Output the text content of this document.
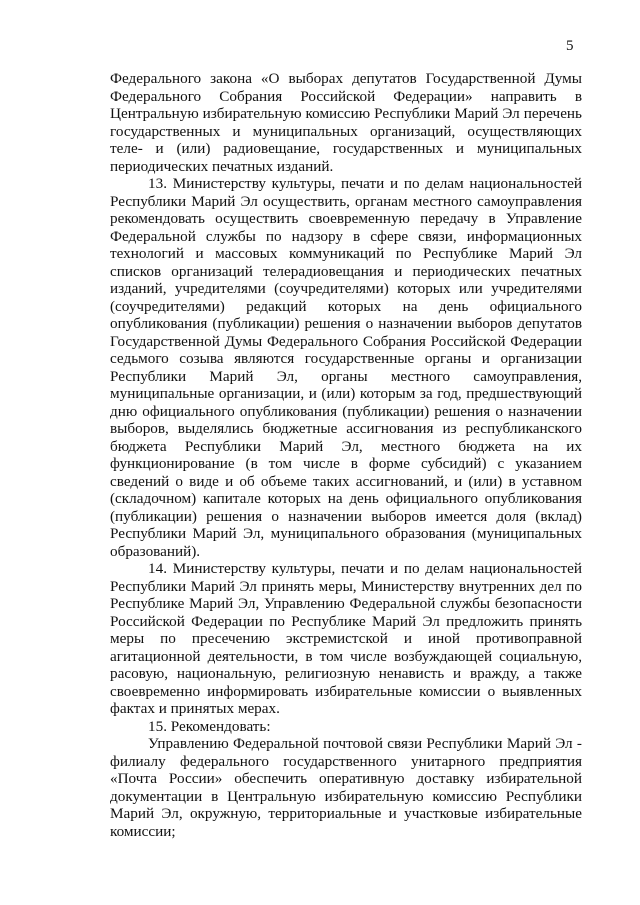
5

Федерального закона «О выборах депутатов Государственной Думы Федерального Собрания Российской Федерации» направить в Центральную избирательную комиссию Республики Марий Эл перечень государственных и муниципальных организаций, осуществляющих теле- и (или) радиовещание, государственных и муниципальных периодических печатных изданий.

13. Министерству культуры, печати и по делам национальностей Республики Марий Эл осуществить, органам местного самоуправления рекомендовать осуществить своевременную передачу в Управление Федеральной службы по надзору в сфере связи, информационных технологий и массовых коммуникаций по Республике Марий Эл списков организаций телерадиовещания и периодических печатных изданий, учредителями (соучредителями) которых или учредителями (соучредителями) редакций которых на день официального опубликования (публикации) решения о назначении выборов депутатов Государственной Думы Федерального Собрания Российской Федерации седьмого созыва являются государственные органы и организации Республики Марий Эл, органы местного самоуправления, муниципальные организации, и (или) которым за год, предшествующий дню официального опубликования (публикации) решения о назначении выборов, выделялись бюджетные ассигнования из республиканского бюджета Республики Марий Эл, местного бюджета на их функционирование (в том числе в форме субсидий) с указанием сведений о виде и об объеме таких ассигнований, и (или) в уставном (складочном) капитале которых на день официального опубликования (публикации) решения о назначении выборов имеется доля (вклад) Республики Марий Эл, муниципального образования (муниципальных образований).

14. Министерству культуры, печати и по делам национальностей Республики Марий Эл принять меры, Министерству внутренних дел по Республике Марий Эл, Управлению Федеральной службы безопасности Российской Федерации по Республике Марий Эл предложить принять меры по пресечению экстремистской и иной противоправной агитационной деятельности, в том числе возбуждающей социальную, расовую, национальную, религиозную ненависть и вражду, а также своевременно информировать избирательные комиссии о выявленных фактах и принятых мерах.

15. Рекомендовать:

Управлению Федеральной почтовой связи Республики Марий Эл - филиалу федерального государственного унитарного предприятия «Почта России» обеспечить оперативную доставку избирательной документации в Центральную избирательную комиссию Республики Марий Эл, окружную, территориальные и участковые избирательные комиссии;
